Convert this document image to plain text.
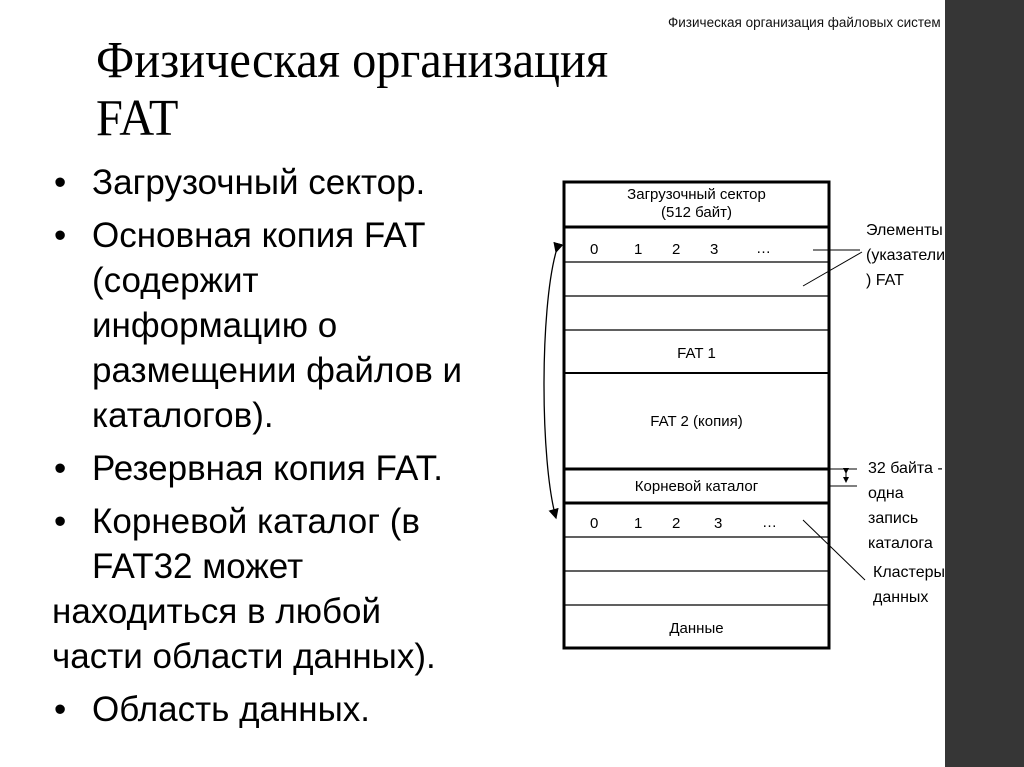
Физическая организация файловых систем
Физическая организация
FAT
• Загрузочный сектор.
• Основная копия FAT
(содержит
информацию о
размещении файлов и
каталогов).
• Резервная копия FAT.
• Корневой каталог (в
FAT32 может
находиться в любой
части области данных).
• Область данных.
Загрузочный сектор
(512 байт)
0 1 2 3	…
FAT 1
FAT 2 (копия)
Корневой каталог
0 1 2 3	…
Данные
Элементы
(указатели
) FAT
32 байта -
одна
запись
каталога
Кластеры
данных
